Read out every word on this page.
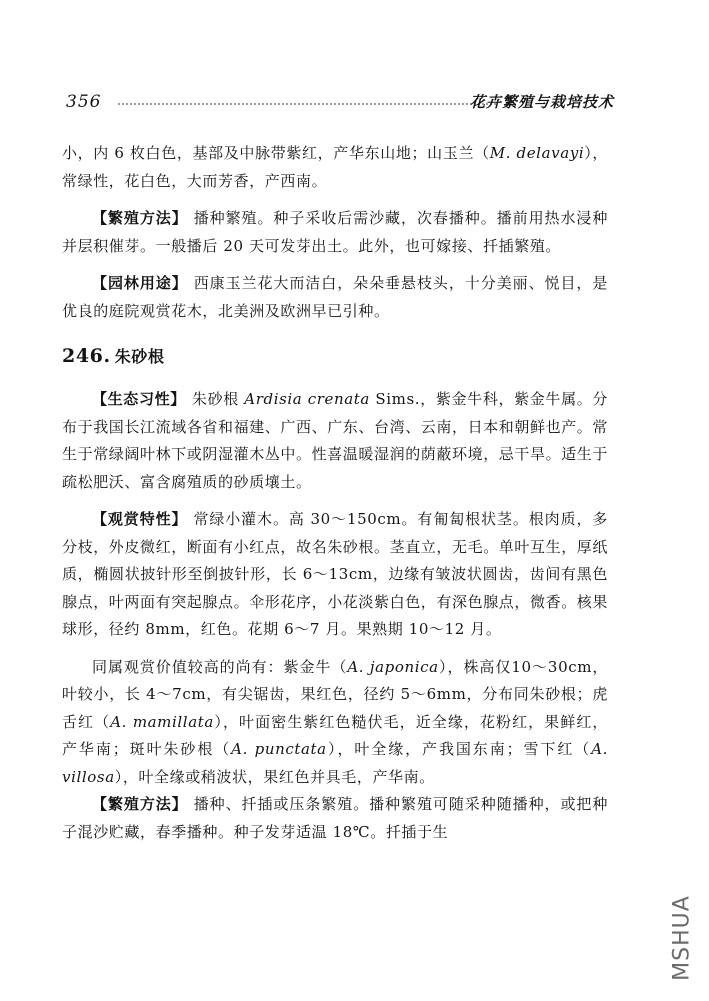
356	花卉繁殖与栽培技术

小，内 6 枚白色，基部及中脉带紫红，产华东山地；山玉兰（M. delavayi），常绿性，花白色，大而芳香，产西南。

【繁殖方法】 播种繁殖。种子采收后需沙藏，次春播种。播前用热水浸种并层积催芽。一般播后 20 天可发芽出土。此外，也可嫁接、扦插繁殖。

【园林用途】 西康玉兰花大而洁白，朵朵垂悬枝头，十分美丽、悦目，是优良的庭院观赏花木，北美洲及欧洲早已引种。

246. 朱砂根

【生态习性】 朱砂根 Ardisia crenata Sims.，紫金牛科，紫金牛属。分布于我国长江流域各省和福建、广西、广东、台湾、云南，日本和朝鲜也产。常生于常绿阔叶林下或阴湿灌木丛中。性喜温暖湿润的荫蔽环境，忌干旱。适生于疏松肥沃、富含腐殖质的砂质壤土。

【观赏特性】 常绿小灌木。高 30～150cm。有匍匐根状茎。根肉质，多分枝，外皮微红，断面有小红点，故名朱砂根。茎直立，无毛。单叶互生，厚纸质，椭圆状披针形至倒披针形，长 6～13cm，边缘有皱波状圆齿，齿间有黑色腺点，叶两面有突起腺点。伞形花序，小花淡紫白色，有深色腺点，微香。核果球形，径约 8mm，红色。花期 6～7 月。果熟期 10～12 月。

同属观赏价值较高的尚有：紫金牛（A. japonica），株高仅10～30cm，叶较小，长 4～7cm，有尖锯齿，果红色，径约 5～6mm，分布同朱砂根；虎舌红（A. mamillata），叶面密生紫红色糙伏毛，近全缘，花粉红，果鲜红，产华南；斑叶朱砂根（A. punctata），叶全缘，产我国东南；雪下红（A. villosa），叶全缘或稍波状，果红色并具毛，产华南。

【繁殖方法】 播种、扦插或压条繁殖。播种繁殖可随采种随播种，或把种子混沙贮藏，春季播种。种子发芽适温 18℃。扦插于生

MSHUA
